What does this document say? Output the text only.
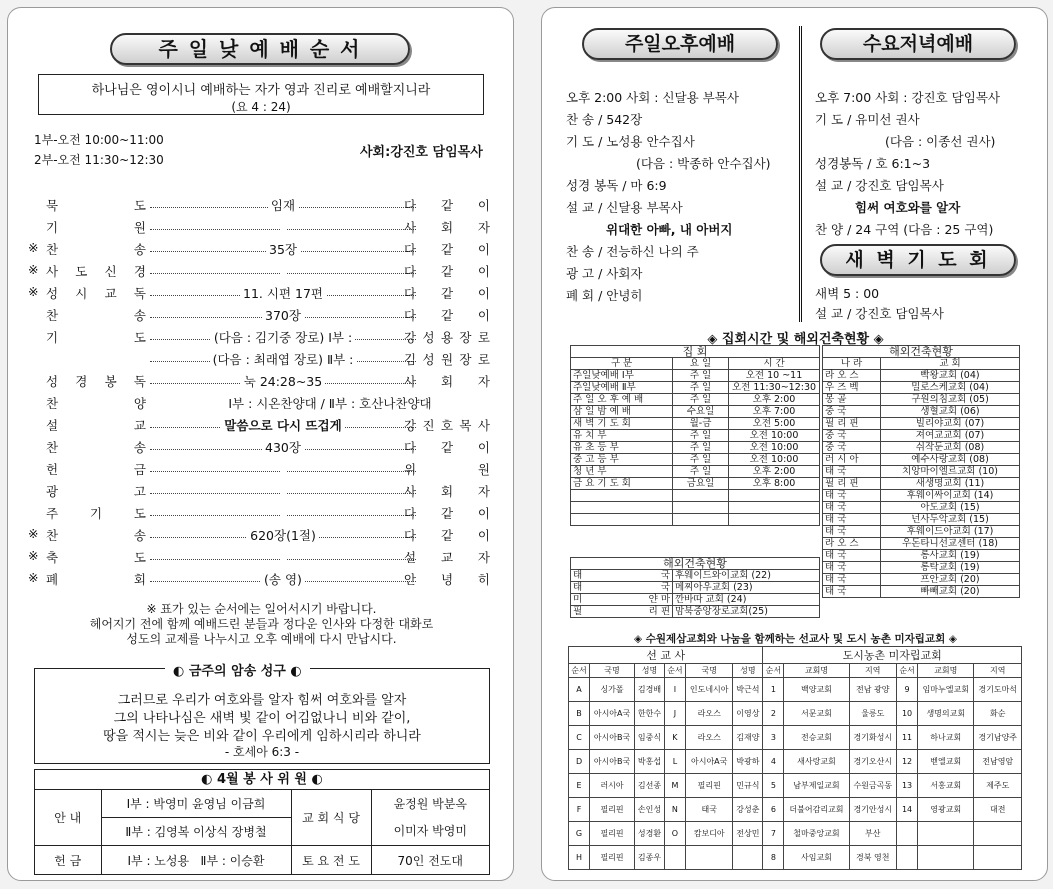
주 일 낮 예 배 순 서
하나님은 영이시니 예배하는 자가 영과 진리로 예배할지니라
(요 4 : 24)
1부-오전 10:00~11:00
2부-오전 11:30~12:30	사회:강진호 담임목사
묵	도	임재	다 같 이
기	원	사 회 자
※ 찬	송	35장	다 같 이
※ 사 도 신 경	다 같 이
※ 성 시 교 독	11. 시편 17편	다 같 이
찬	송	370장	다 같 이
기	도	(다음 : 김기중 장로) Ⅰ부 :	강 성 용 장 로
(다음 : 최래엽 장로) Ⅱ부 :	김 성 원 장 로
성 경 봉 독	눅 24:28~35	사 회 자
찬	양	Ⅰ부 : 시온찬양대 / Ⅱ부 : 호산나찬양대
설	교	말씀으로 다시 뜨겁게	강 진 호 목 사
찬	송	430장	다 같 이
헌	금	위	원
광	고	사 회 자
주	기	도	다 같 이
※ 찬	송	620장(1절)	다 같 이
※ 축	도	설 교 자
※ 폐	회	(송 영)	안 녕 히
※ 표가 있는 순서에는 일어서시기 바랍니다.
헤어지기 전에 함께 예배드린 분들과 정다운 인사와 다정한 대화로
성도의 교제를 나누시고 오후 예배에 다시 만납시다.
◐ 금주의 암송 성구 ◐
그러므로 우리가 여호와를 알자 힘써 여호와를 알자
그의 나타나심은 새벽 빛 같이 어김없나니 비와 같이,
땅을 적시는 늦은 비와 같이 우리에게 임하시리라 하니라
- 호세아 6:3 -
◐ 4월 봉 사 위 원 ◐
안 내	Ⅰ부 : 박영미 윤영님 이금희	교 회 식 당	윤정원 박분옥
	Ⅱ부 : 김영복 이상식 장병철		이미자 박영미
헌 금	Ⅰ부 : 노성용 Ⅱ부 : 이승환	토 요 전 도	70인 전도대
주일오후예배	수요저녁예배
새 벽 기 도 회
오후 2:00 사회 : 신달용 부목사
찬 송 / 542장
기 도 / 노성용 안수집사
(다음 : 박종하 안수집사)
성경 봉독 / 마 6:9
설 교 / 신달용 부목사
위대한 아빠, 내 아버지
찬 송 / 전능하신 나의 주
광 고 / 사회자
폐 회 / 안녕히
오후 7:00 사회 : 강진호 담임목사
기 도 / 유미선 권사
(다음 : 이종선 권사)
성경봉독 / 호 6:1~3
설 교 / 강진호 담임목사
힘써 여호와를 알자
찬 양 / 24 구역 (다음 : 25 구역)
새벽 5 : 00
설 교 / 강진호 담임목사
◈ 집회시간 및 해외건축현황 ◈
집 회		
구 분	요 일	시 간
주일낮예배 Ⅰ부	주 일	오전 10 ~11
주일낮예배 Ⅱ부	주 일	오전 11:30~12:30
주 일 오 후 예 배	주 일	오후 2:00
삼 일 밤 예 배	수요일	오후 7:00
새 벽 기 도 회	월-금	오전 5:00
유 치 부	주 일	오전 10:00
유 초 등 부	주 일	오전 10:00
중 고 등 부	주 일	오전 10:00
청 년 부	주 일	오후 2:00
금 요 기 도 회	금요일	오후 8:00

해외건축현황		
태	국	후웨이드와이교회 (22)
태	국	메찌아우교회 (23)
미	얀 마	깐바따 교회 (24)
필	리 핀	맘북중앙장로교회(25)
해외건축현황	
나 라	교 회
라 오 스	빡왕교회 (04)
우 즈 벡	밀로스케교회 (04)
몽 골	구원의침교회 (05)
중 국	생혈교회 (06)
필 리 핀	빌리야교회 (07)
중 국	져여교교회 (07)
중 국	쉬작둔교회 (08)
러 시 아	예수사랑교회 (08)
태 국	치앙마이엘르교회 (10)
필 리 핀	새생명교회 (11)
태 국	후웨이싸이교회 (14)
태 국	아도교회 (15)
태 국	넌사두악교회 (15)
태 국	후웨이드아교회 (17)
라 오 스	우돈타니선교센터 (18)
태 국	롱사교회 (19)
태 국	롱탁교회 (19)
태 국	프안교회 (20)
태 국	빠빼교회 (20)
◈ 수원제삼교회와 나눔을 함께하는 선교사 및 도시 농촌 미자립교회 ◈
선 교 사						도시농촌 미자립교회					
순서	국명	성명	순서	국명	성명	순서	교회명	지역	순서	교회명	지역
A	싱가폴	김경배	I	인도네시아	박근석	1	백양교회	전남 광양	9	임마누엘교회	경기도마석
B	아시아A국	한한수	J	라오스	이영상	2	서문교회	울릉도	10	생명의교회	화순
C	아시아B국	임중식	K	라오스	김재양	3	전승교회	경기화성시	11	하나교회	경기남양주
D	아시아B국	박홍섭	L	아시아A국	박광하	4	새사랑교회	경기오산시	12	벧엘교회	전남영암
E	러시아	김선종	M	필리핀	민규식	5	남부제일교회	수원금곡동	13	서홍교회	제주도
F	필리핀	손인성	N	태국	강성춘	6	더불어감리교회	경기안성시	14	영광교회	대전
G	필리핀	성경환	O	캄보디아	전상민	7	철마중앙교회	부산			
H	필리핀	김종우				8	사임교회	경북 영천			
